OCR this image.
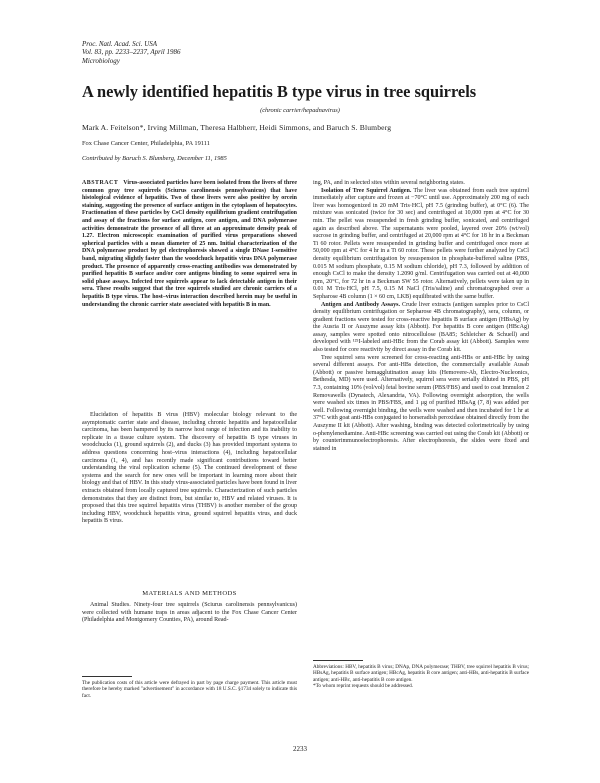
Proc. Natl. Acad. Sci. USA
Vol. 83, pp. 2233–2237, April 1986
Microbiology
A newly identified hepatitis B type virus in tree squirrels
(chronic carrier/hepadnavirus)
Mark A. Feitelson*, Irving Millman, Theresa Halbherr, Heidi Simmons, and Baruch S. Blumberg
Fox Chase Cancer Center, Philadelphia, PA 19111
Contributed by Baruch S. Blumberg, December 11, 1985

ABSTRACT Virus-associated particles have been isolated from the livers of three common gray tree squirrels (Sciurus carolinensis pennsylvanicus) that have histological evidence of hepatitis. Two of these livers were also positive by orcein staining, suggesting the presence of surface antigen in the cytoplasm of hepatocytes. Fractionation of these particles by CsCl density equilibrium gradient centrifugation and assay of the fractions for surface antigen, core antigen, and DNA polymerase activities demonstrate the presence of all three at an approximate density peak of 1.27. Electron microscopic examination of purified virus preparations showed spherical particles with a mean diameter of 25 nm. Initial characterization of the DNA polymerase product by gel electrophoresis showed a single DNase I-sensitive band, migrating slightly faster than the woodchuck hepatitis virus DNA polymerase product. The presence of apparently cross-reacting antibodies was demonstrated by purified hepatitis B surface and/or core antigens binding to some squirrel sera in solid phase assays. Infected tree squirrels appear to lack detectable antigen in their sera. These results suggest that the tree squirrels studied are chronic carriers of a hepatitis B type virus. The host–virus interaction described herein may be useful in understanding the chronic carrier state associated with hepatitis B in man.

Elucidation of hepatitis B virus (HBV) molecular biology relevant to the asymptomatic carrier state and disease, including chronic hepatitis and hepatocellular carcinoma, has been hampered by its narrow host range of infection and its inability to replicate in a tissue culture system. The discovery of hepatitis B type viruses in woodchucks (1), ground squirrels (2), and ducks (3) has provided important systems to address questions concerning host–virus interactions (4), including hepatocellular carcinoma (1, 4), and has recently made significant contributions toward better understanding the viral replication scheme (5). The continued development of these systems and the search for new ones will be important in learning more about their biology and that of HBV. In this study virus-associated particles have been found in liver extracts obtained from locally captured tree squirrels. Characterization of such particles demonstrates that they are distinct from, but similar to, HBV and related viruses. It is proposed that this tree squirrel hepatitis virus (THBV) is another member of the group including HBV, woodchuck hepatitis virus, ground squirrel hepatitis virus, and duck hepatitis B virus.

MATERIALS AND METHODS

Animal Studies. Ninety-four tree squirrels (Sciurus carolinensis pennsylvanicus) were collected with humane traps in areas adjacent to the Fox Chase Cancer Center (Philadelphia and Montgomery Counties, PA), around Read-

ing, PA, and in selected sites within several neighboring states.

Isolation of Tree Squirrel Antigen. The liver was obtained from each tree squirrel immediately after capture and frozen at −70°C until use. Approximately 200 mg of each liver was homogenized in 20 mM Tris·HCl, pH 7.5 (grinding buffer), at 0°C (6). The mixture was sonicated (twice for 30 sec) and centrifuged at 10,000 rpm at 4°C for 30 min. The pellet was resuspended in fresh grinding buffer, sonicated, and centrifuged again as described above. The supernatants were pooled, layered over 20% (wt/vol) sucrose in grinding buffer, and centrifuged at 20,000 rpm at 4°C for 18 hr in a Beckman Ti 60 rotor. Pellets were resuspended in grinding buffer and centrifuged once more at 50,000 rpm at 4°C for 4 hr in a Ti 60 rotor. These pellets were further analyzed by CsCl density equilibrium centrifugation by resuspension in phosphate-buffered saline (PBS, 0.015 M sodium phosphate, 0.15 M sodium chloride), pH 7.3, followed by addition of enough CsCl to make the density 1.2090 g/ml. Centrifugation was carried out at 40,000 rpm, 20°C, for 72 hr in a Beckman SW 55 rotor. Alternatively, pellets were taken up in 0.01 M Tris·HCl, pH 7.5, 0.15 M NaCl (Tris/saline) and chromatographed over a Sepharose 4B column (1 × 60 cm, LKB) equilibrated with the same buffer.

Antigen and Antibody Assays. Crude liver extracts (antigen samples prior to CsCl density equilibrium centrifugation or Sepharose 4B chromatography), sera, column, or gradient fractions were tested for cross-reactive hepatitis B surface antigen (HBsAg) by the Ausria II or Auszyme assay kits (Abbott). For hepatitis B core antigen (HBcAg) assay, samples were spotted onto nitrocellulose (BA85; Schleicher & Schuell) and developed with ¹²⁵I-labeled anti-HBc from the Corab assay kit (Abbott). Samples were also tested for core reactivity by direct assay in the Corab kit.

Tree squirrel sera were screened for cross-reacting anti-HBs or anti-HBc by using several different assays. For anti-HBs detection, the commercially available Ausab (Abbott) or passive hemagglutination assay kits (Hemovere-Ab, Electro-Nucleonics, Bethesda, MD) were used. Alternatively, squirrel sera were serially diluted in PBS, pH 7.3, containing 10% (vol/vol) fetal bovine serum (PBS/FBS) and used to coat Immulon 2 Removawells (Dynatech, Alexandria, VA). Following overnight adsorption, the wells were washed six times in PBS/FBS, and 1 μg of purified HBsAg (7, 8) was added per well. Following overnight binding, the wells were washed and then incubated for 1 hr at 37°C with goat anti-HBs conjugated to horseradish peroxidase obtained directly from the Auszyme II kit (Abbott). After washing, binding was detected colorimetrically by using o-phenylenediamine. Anti-HBc screening was carried out using the Corab kit (Abbott) or by counterimmunoelectrophoresis. After electrophoresis, the slides were fixed and stained in

The publication costs of this article were defrayed in part by page charge payment. This article must therefore be hereby marked "advertisement" in accordance with 18 U.S.C. §1734 solely to indicate this fact.
Abbreviations: HBV, hepatitis B virus; DNAp, DNA polymerase; THBV, tree squirrel hepatitis B virus; HBsAg, hepatitis B surface antigen; HBcAg, hepatitis B core antigen; anti-HBs, anti-hepatitis B surface antigen; anti-HBc, anti-hepatitis B core antigen.
*To whom reprint requests should be addressed.
2233
